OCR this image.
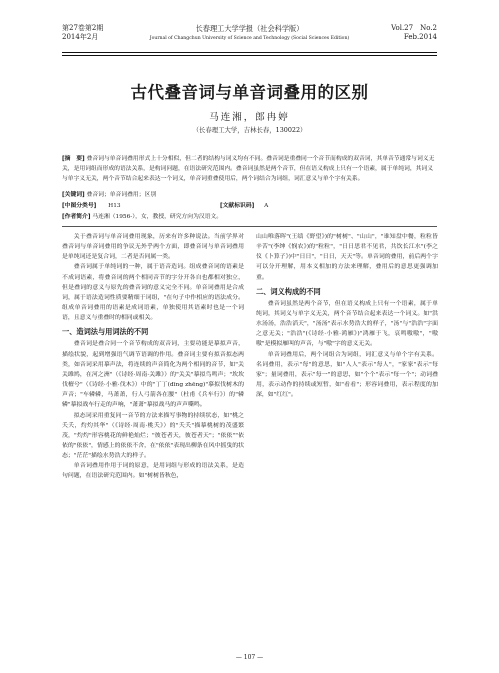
第27卷第2期
2014年2月
长春理工大学学报（社会科学版）
Journal of Changchun University of Science and Technology (Social Sciences Edition)
Vol.27　No.2
Feb.2014
古代叠音词与单音词叠用的区别
马连湘，郎冉婷
（长春理工大学，吉林长春，130022）
[摘　要] 叠音词与单音词叠用形式上十分相似，但二者的结构与词义均有不同。叠音词是重叠同一个音节而构成的双音词，其单音节通常与词义无关，是用词组而形成的语法关系，是构词问题，在语法研究范围内。叠音词虽然是两个音节，但在语义构成上只有一个语素，属于单纯词，其词义与单字义无关，两个音节结合起来表达一个词义，单音词重叠使用后，两个词结合为词组，词汇意义与单个字有关系。
[关键词] 叠音词；单音词叠用；区别
[中图分类号] H13	[文献标识码] A
[作者简介] 马连湘（1956-），女，教授，研究方向为汉语文。

关于叠音词与单音词叠用现象，历来有许多种说法。当前学界对叠音词与单音词叠用的争议无外乎两个方面，即叠音词与单音词叠用是单纯词还是复合词，二者是否同属一类。

叠音词属于单纯词的一种，属于语音造词。组成叠音词的语素是不成词语素，将叠音词的两个相同音节的字分开各自也都相对独立，但是叠词的意义与原先的叠音词的意义完全不同。单音词叠用是合成词，属于语法造词性质要精细于词组，"在句子中作相应的语法成分。组成单音词叠用的语素是成词语素，单独使用其语素时也是一个词语，且意义与重叠时的相同或相关。

一、造词法与用词法的不同

叠音词是叠合同一个音节构成的双音词，主要功能是摹拟声音，描绘状貌，起到增强语气调节语调的作用。叠音词主要有拟音拟态两类，如音词采用摹声法，将连续的声音简化为两个相同的音节，如"关关雎鸠，在河之洲"（《诗经·周南·关雎》）的"关关"摹拟鸟鸣声；"坎坎伐檀兮"（《诗经·小雅·伐木》）中的"丁丁(dīng zhēng)"摹拟伐树木的声音；"车辚辚，马萧萧，行人弓箭各在腰"（杜甫《兵车行》）的"辚辚"摹拟战车行走的声响，"萧萧"摹拟战马的声声嘶鸣。

拟态词采用重复同一音节的方法来描写事物的持续状态，如"桃之夭夭，灼灼其华"（《诗经·周南·桃夭》）的"夭夭"描摹桃树的茂盛繁茂，"灼灼"形容桃花的鲜艳灿烂；"彼苍者天，彼苍者天"；"依依""依依的"依依"，情感上的依依不舍，在"依依"表现出柳条在风中摇曳的状态；"茫茫"描绘水势浩大的样子。

单音词叠用作用于词的原意，是用词组与形成的语法关系，是造句问题，在语法研究范围内。如"树树皆秋色，

山山唯落晖"(王绩《野望》)的"树树"、"山山"，"谁知盘中餐，粒粒皆辛苦"(李绅《悯农》)的"粒粒"，"日日思君不见君，共饮长江水"(李之仪《卜算子》)中"日日"，"日日，天天"等。单音词的叠用，前后两个字可以分开理解，用本义相加的方法来理解，叠用后的意思更强调加重。

二、词义构成的不同

叠音词虽然是两个音节，但在语义构成上只有一个语素，属于单纯词，其词义与单字义无关，两个音节结合起来表达一个词义。如"洪水汤汤，浩浩滔天"，"汤汤"表示水势浩大的样子，"汤"与"浩浩"字面之意无关；"浩浩"(《诗经·小雅·鸿雁》)"鸿雁于飞，哀鸣嗷嗷"，"嗷嗷"是模拟雁叫的声音，与"嗷"字的意义无关。

单音词叠用后，两个词组合为词组，词汇意义与单个字有关系。名词叠用，表示"每"的意思，如"人人"表示"每人"，"家家"表示"每家"；量词叠用，表示"每一"的意思，如"个个"表示"每一个"；动词叠用，表示动作的持续或短暂，如"看看"；形容词叠用，表示程度的加深，如"红红"。

— 107 —
